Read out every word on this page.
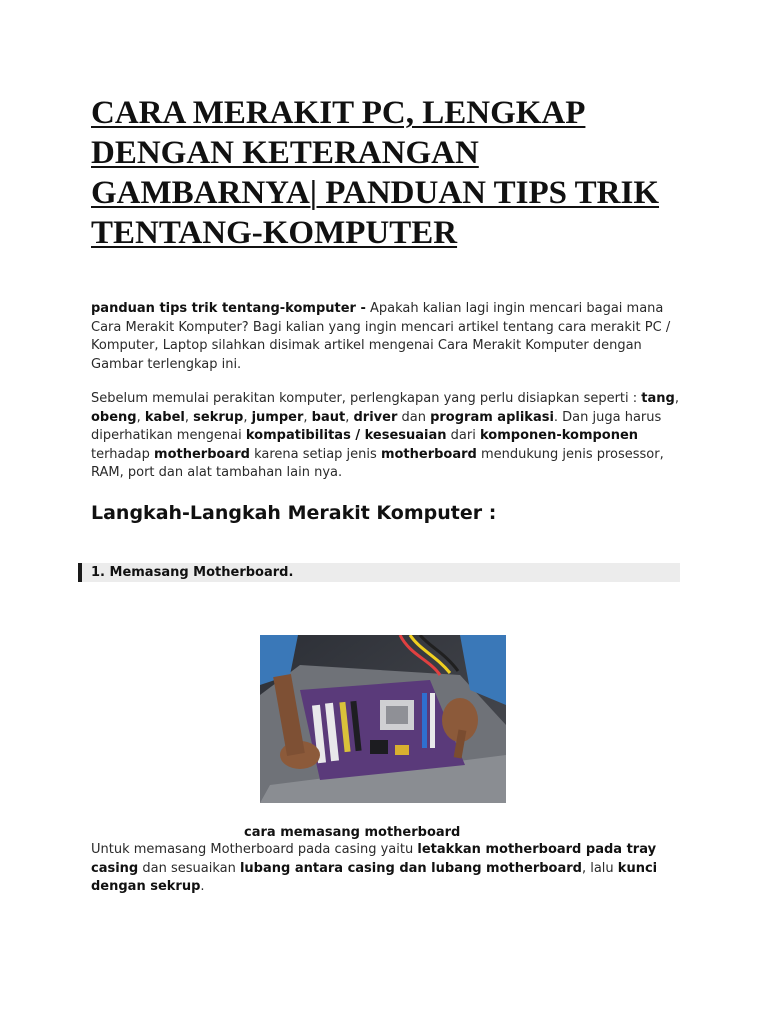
CARA MERAKIT PC, LENGKAP
DENGAN KETERANGAN
GAMBARNYA| PANDUAN TIPS TRIK
TENTANG-KOMPUTER

panduan tips trik tentang-komputer - Apakah kalian lagi ingin mencari bagai mana Cara Merakit Komputer? Bagi kalian yang ingin mencari artikel tentang cara merakit PC / Komputer, Laptop silahkan disimak artikel mengenai Cara Merakit Komputer dengan Gambar terlengkap ini.

Sebelum memulai perakitan komputer, perlengkapan yang perlu disiapkan seperti : tang, obeng, kabel, sekrup, jumper, baut, driver dan program aplikasi. Dan juga harus diperhatikan mengenai kompatibilitas / kesesuaian dari komponen-komponen terhadap motherboard karena setiap jenis motherboard mendukung jenis prosessor, RAM, port dan alat tambahan lain nya.

Langkah-Langkah Merakit Komputer :
1. Memasang Motherboard.
cara memasang motherboard

Untuk memasang Motherboard pada casing yaitu letakkan motherboard pada tray casing dan sesuaikan lubang antara casing dan lubang motherboard, lalu kunci dengan sekrup.
